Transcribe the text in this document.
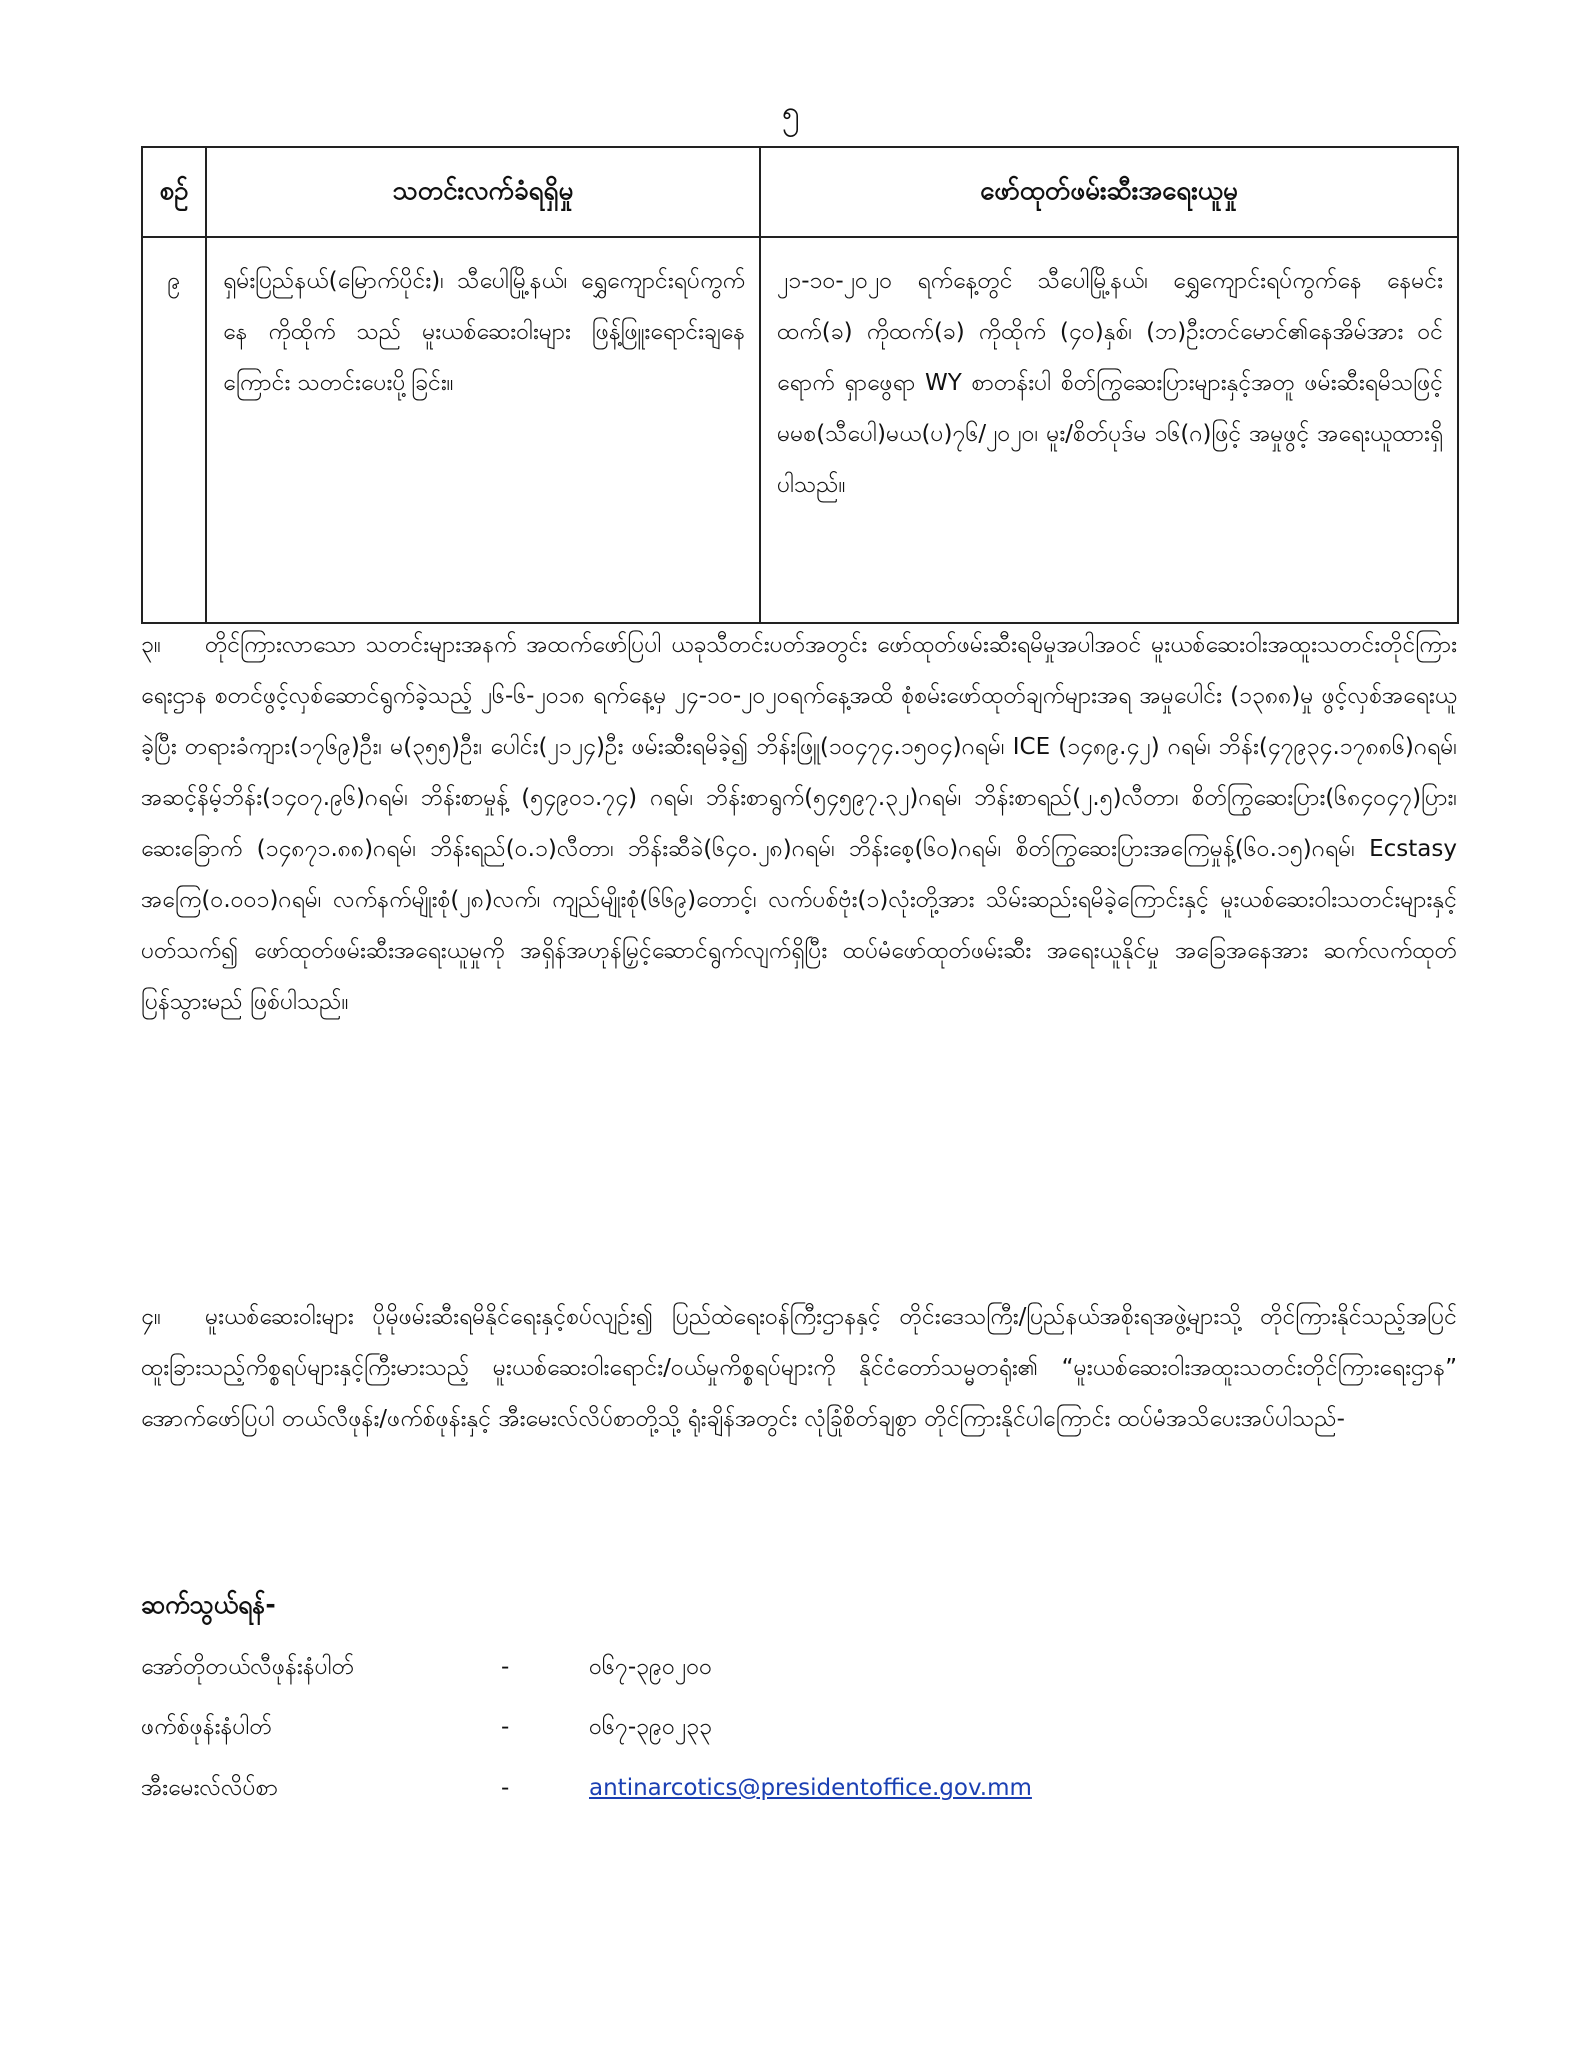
၅
စဉ်	သတင်းလက်ခံရရှိမှု	ဖော်ထုတ်ဖမ်းဆီးအရေးယူမှု
၉	ရှမ်းပြည်နယ်(မြောက်ပိုင်း)၊ သီပေါမြို့နယ်၊ ရွှေကျောင်းရပ်ကွက်နေ ကိုထိုက် သည် မူးယစ်ဆေးဝါးများ ဖြန့်ဖြူးရောင်းချနေကြောင်း သတင်းပေးပို့ခြင်း။	၂၁-၁၀-၂၀၂၀ ရက်နေ့တွင် သီပေါမြို့နယ်၊ ရွှေကျောင်းရပ်ကွက်နေ နေမင်းထက်(ခ) ကိုထက်(ခ) ကိုထိုက် (၄၀)နှစ်၊ (ဘ)ဦးတင်မောင်၏နေအိမ်အား ဝင်ရောက် ရှာဖွေရာ WY စာတန်းပါ စိတ်ကြွဆေးပြားများနှင့်အတူ ဖမ်းဆီးရမိသဖြင့် မမစ(သီပေါ)မယ(ပ)၇၆/၂၀၂၀၊ မူး/စိတ်ပုဒ်မ ၁၆(ဂ)ဖြင့် အမှုဖွင့် အရေးယူထားရှိပါသည်။

၃။ တိုင်ကြားလာသော သတင်းများအနက် အထက်ဖော်ပြပါ ယခုသီတင်းပတ်အတွင်း ဖော်ထုတ်ဖမ်းဆီးရမိမှုအပါအဝင် မူးယစ်ဆေးဝါးအထူးသတင်းတိုင်ကြားရေးဌာန စတင်ဖွင့်လှစ်ဆောင်ရွက်ခဲ့သည့် ၂၆-၆-၂၀၁၈ ရက်နေ့မှ ၂၄-၁၀-၂၀၂၀ရက်နေ့အထိ စုံစမ်းဖော်ထုတ်ချက်များအရ အမှုပေါင်း (၁၃၈၈)မှု ဖွင့်လှစ်အရေးယူခဲ့ပြီး တရားခံကျား(၁၇၆၉)ဦး၊ မ(၃၅၅)ဦး၊ ပေါင်း(၂၁၂၄)ဦး ဖမ်းဆီးရမိခဲ့၍ ဘိန်းဖြူ(၁၀၄၇၄.၁၅၀၄)ဂရမ်၊ ICE (၁၄၈၉.၄၂) ဂရမ်၊ ဘိန်း(၄၇၉၃၄.၁၇၈၈၆)ဂရမ်၊ အဆင့်နိမ့်ဘိန်း(၁၄၀၇.၉၆)ဂရမ်၊ ဘိန်းစာမှုန့် (၅၄၉၀၁.၇၄) ဂရမ်၊ ဘိန်းစာရွက်(၅၄၅၉၇.၃၂)ဂရမ်၊ ဘိန်းစာရည်(၂.၅)လီတာ၊ စိတ်ကြွဆေးပြား(၆၈၄၀၄၇)ပြား၊ ဆေးခြောက် (၁၄၈၇၁.၈၈)ဂရမ်၊ ဘိန်းရည်(၀.၁)လီတာ၊ ဘိန်းဆီခဲ(၆၄၀.၂၈)ဂရမ်၊ ဘိန်းစေ့(၆၀)ဂရမ်၊ စိတ်ကြွဆေးပြားအကြေမှုန့်(၆၀.၁၅)ဂရမ်၊ Ecstasy အကြေ(၀.၀၀၁)ဂရမ်၊ လက်နက်မျိုးစုံ(၂၈)လက်၊ ကျည်မျိုးစုံ(၆၆၉)တောင့်၊ လက်ပစ်ဗုံး(၁)လုံးတို့အား သိမ်းဆည်းရမိခဲ့ကြောင်းနှင့် မူးယစ်ဆေးဝါးသတင်းများနှင့်ပတ်သက်၍ ဖော်ထုတ်ဖမ်းဆီးအရေးယူမှုကို အရှိန်အဟုန်မြှင့်ဆောင်ရွက်လျက်ရှိပြီး ထပ်မံဖော်ထုတ်ဖမ်းဆီး အရေးယူနိုင်မှု အခြေအနေအား ဆက်လက်ထုတ်ပြန်သွားမည် ဖြစ်ပါသည်။

၄။ မူးယစ်ဆေးဝါးများ ပိုမိုဖမ်းဆီးရမိနိုင်ရေးနှင့်စပ်လျဉ်း၍ ပြည်ထဲရေးဝန်ကြီးဌာနနှင့် တိုင်းဒေသကြီး/ပြည်နယ်အစိုးရအဖွဲ့များသို့ တိုင်ကြားနိုင်သည့်အပြင် ထူးခြားသည့်ကိစ္စရပ်များနှင့်ကြီးမားသည့် မူးယစ်ဆေးဝါးရောင်း/ဝယ်မှုကိစ္စရပ်များကို နိုင်ငံတော်သမ္မတရုံး၏ “မူးယစ်ဆေးဝါးအထူးသတင်းတိုင်ကြားရေးဌာန” အောက်ဖော်ပြပါ တယ်လီဖုန်း/ဖက်စ်ဖုန်းနှင့် အီးမေးလ်လိပ်စာတို့သို့ ရုံးချိန်အတွင်း လုံခြုံစိတ်ချစွာ တိုင်ကြားနိုင်ပါကြောင်း ထပ်မံအသိပေးအပ်ပါသည်-

ဆက်သွယ်ရန်-
အော်တိုတယ်လီဖုန်းနံပါတ်	-	၀၆၇-၃၉၀၂၀၀
ဖက်စ်ဖုန်းနံပါတ်	-	၀၆၇-၃၉၀၂၃၃
အီးမေးလ်လိပ်စာ	-	antinarcotics@presidentoffice.gov.mm
